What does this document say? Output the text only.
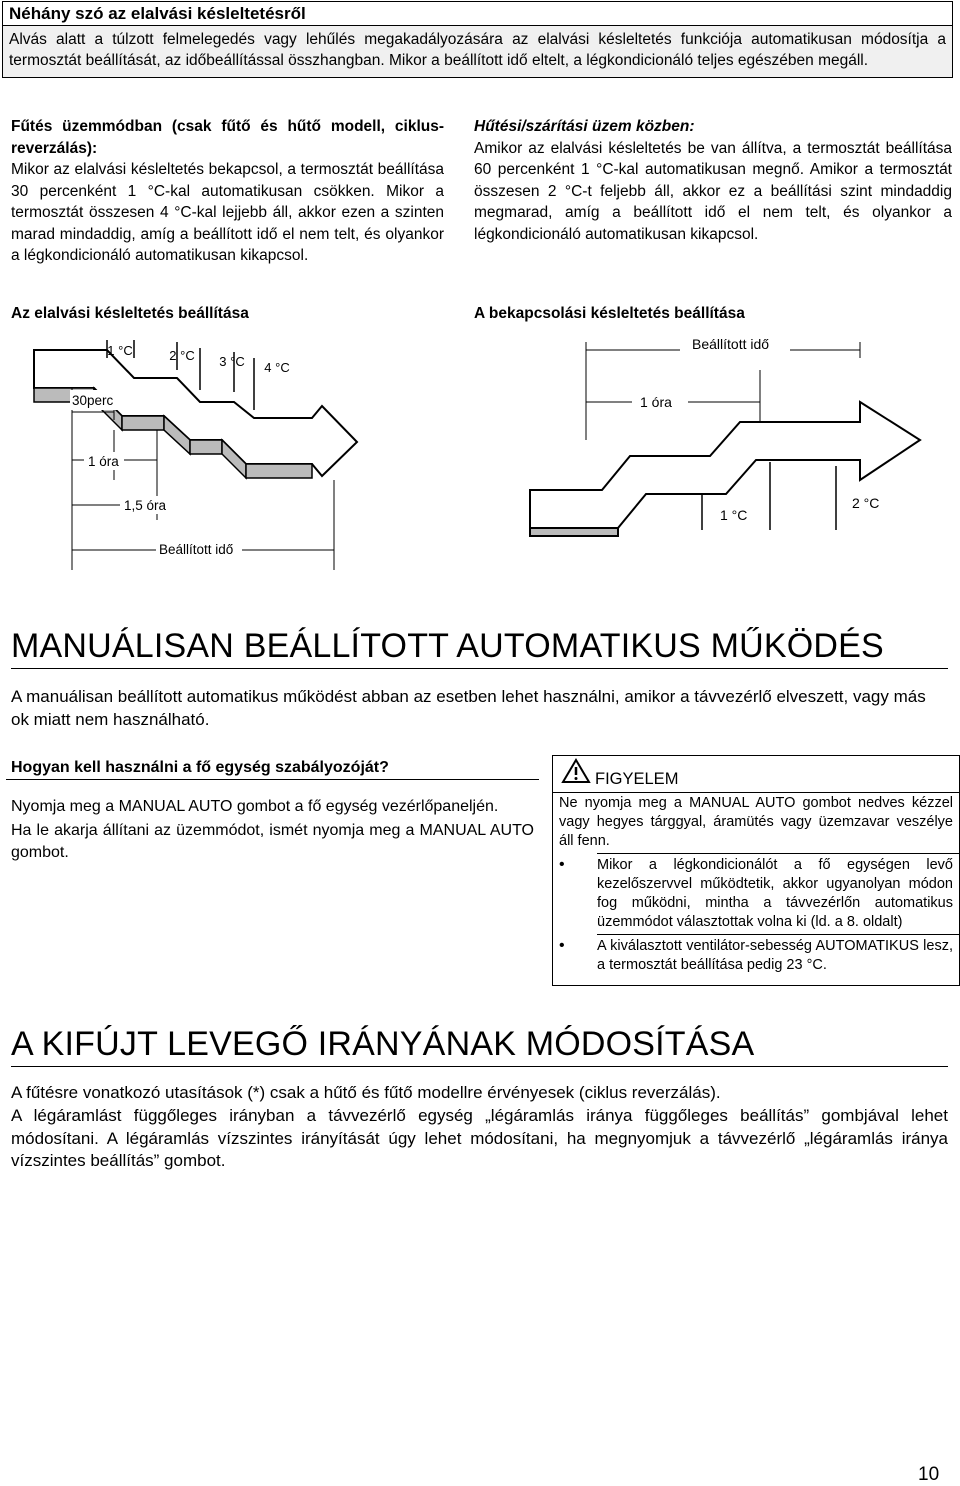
Néhány szó az elalvási késleltetésről
Alvás alatt a túlzott felmelegedés vagy lehűlés megakadályozására az elalvási késleltetés funkciója automatikusan módosítja a termosztát beállítását, az időbeállítással összhangban. Mikor a beállított idő eltelt, a légkondicionáló teljes egészében megáll.
Fűtés üzemmódban (csak fűtő és hűtő modell, ciklus-reverzálás):
Mikor az elalvási késleltetés bekapcsol, a termosztát beállítása 30 percenként 1 °C-kal automatikusan csökken. Mikor a termosztát összesen 4 °C-kal lejjebb áll, akkor ezen a szinten marad mindaddig, amíg a beállított idő el nem telt, és olyankor a légkondicionáló automatikusan kikapcsol.
Hűtési/szárítási üzem közben:
Amikor az elalvási késleltetés be van állítva, a termosztát beállítása 60 percenként 1 °C-kal automatikusan megnő. Amikor a termosztát összesen 2 °C-t feljebb áll, akkor ez a beállítási szint mindaddig megmarad, amíg a beállított idő el nem telt, és olyankor a légkondicionáló automatikusan kikapcsol.
Az elalvási késleltetés beállítása	A bekapcsolási késleltetés beállítása
1 °C	2 °C 3 °C 4 °C
30perc
1 óra
1,5 óra
Beállított idő
Beállított idő
1 óra
1 °C
2 °C
MANUÁLISAN BEÁLLÍTOTT AUTOMATIKUS MŰKÖDÉS
A manuálisan beállított automatikus működést abban az esetben lehet használni, amikor a távvezérlő elveszett, vagy más ok miatt nem használható.
Hogyan kell használni a fő egység szabályozóját?
Nyomja meg a MANUAL AUTO gombot a fő egység vezérlőpaneljén.
Ha le akarja állítani az üzemmódot, ismét nyomja meg a MANUAL AUTO gombot.
FIGYELEM
Ne nyomja meg a MANUAL AUTO gombot nedves kézzel vagy hegyes tárggyal, áramütés vagy üzemzavar veszélye áll fenn.
• Mikor a légkondicionálót a fő egységen levő kezelőszervvel működtetik, akkor ugyanolyan módon fog működni, mintha a távvezérlőn automatikus üzemmódot választottak volna ki (ld. a 8. oldalt)
• A kiválasztott ventilátor-sebesség AUTOMATIKUS lesz, a termosztát beállítása pedig 23 °C.
A KIFÚJT LEVEGŐ IRÁNYÁNAK MÓDOSÍTÁSA
A fűtésre vonatkozó utasítások (*) csak a hűtő és fűtő modellre érvényesek (ciklus reverzálás).
A légáramlást függőleges irányban a távvezérlő egység „légáramlás iránya függőleges beállítás” gombjával lehet módosítani. A légáramlás vízszintes irányítását úgy lehet módosítani, ha megnyomjuk a távvezérlő „légáramlás iránya vízszintes beállítás” gombot.
10
